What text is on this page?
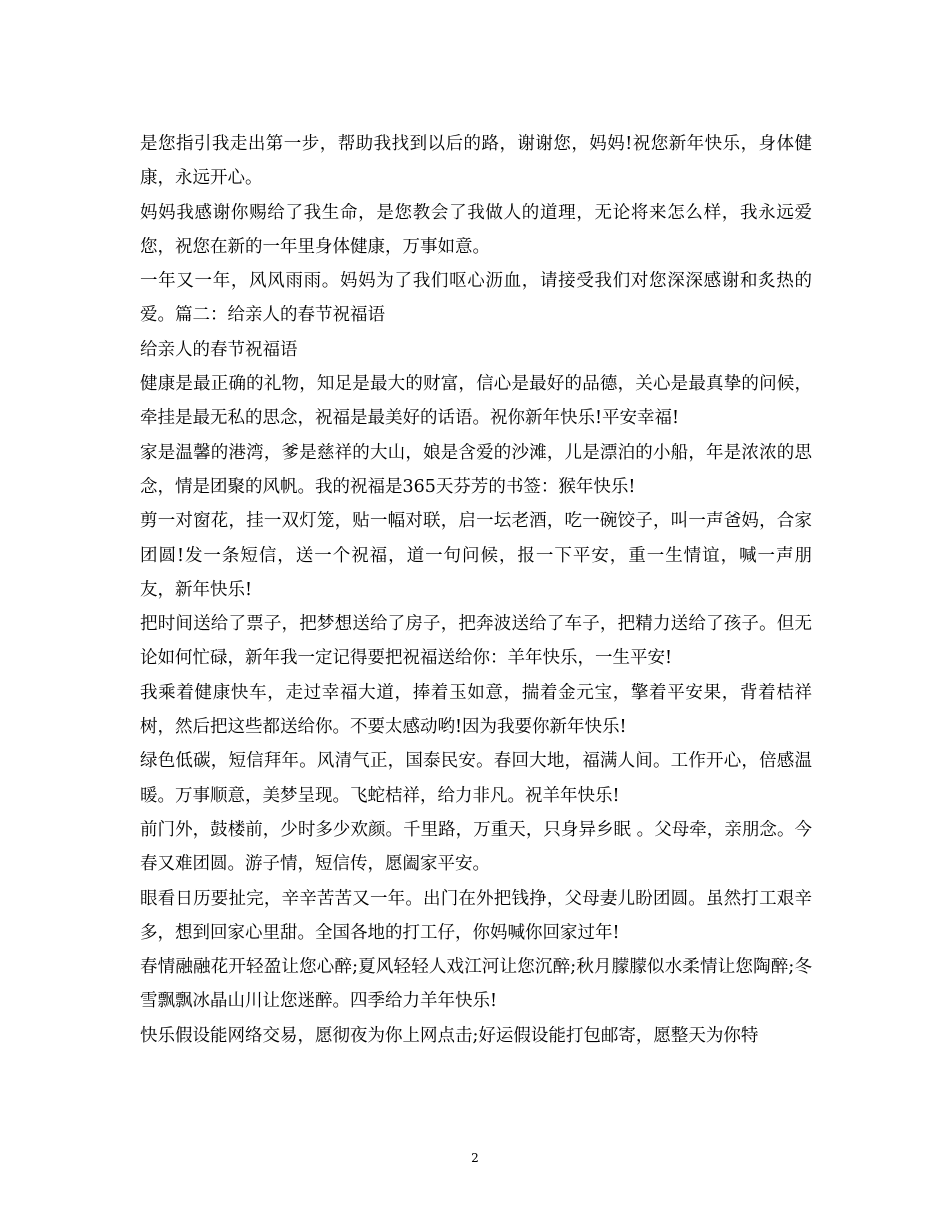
是您指引我走出第一步，帮助我找到以后的路，谢谢您，妈妈!祝您新年快乐，身体健康，永远开心。

妈妈我感谢你赐给了我生命，是您教会了我做人的道理，无论将来怎么样，我永远爱您，祝您在新的一年里身体健康，万事如意。

一年又一年，风风雨雨。妈妈为了我们呕心沥血，请接受我们对您深深感谢和炙热的爱。篇二：给亲人的春节祝福语

给亲人的春节祝福语

健康是最正确的礼物，知足是最大的财富，信心是最好的品德，关心是最真挚的问候，牵挂是最无私的思念，祝福是最美好的话语。祝你新年快乐!平安幸福!

家是温馨的港湾，爹是慈祥的大山，娘是含爱的沙滩，儿是漂泊的小船，年是浓浓的思念，情是团聚的风帆。我的祝福是365天芬芳的书签：猴年快乐!

剪一对窗花，挂一双灯笼，贴一幅对联，启一坛老酒，吃一碗饺子，叫一声爸妈，合家团圆!发一条短信，送一个祝福，道一句问候，报一下平安，重一生情谊，喊一声朋友，新年快乐!

把时间送给了票子，把梦想送给了房子，把奔波送给了车子，把精力送给了孩子。但无论如何忙碌，新年我一定记得要把祝福送给你：羊年快乐，一生平安!

我乘着健康快车，走过幸福大道，捧着玉如意，揣着金元宝，擎着平安果，背着桔祥树，然后把这些都送给你。不要太感动哟!因为我要你新年快乐!

绿色低碳，短信拜年。风清气正，国泰民安。春回大地，福满人间。工作开心，倍感温暖。万事顺意，美梦呈现。飞蛇桔祥，给力非凡。祝羊年快乐!

前门外，鼓楼前，少时多少欢颜。千里路，万重天，只身异乡眠 。父母牵，亲朋念。今春又难团圆。游子情，短信传，愿阖家平安。

眼看日历要扯完，辛辛苦苦又一年。出门在外把钱挣，父母妻儿盼团圆。虽然打工艰辛多，想到回家心里甜。全国各地的打工仔，你妈喊你回家过年!

春情融融花开轻盈让您心醉;夏风轻轻人戏江河让您沉醉;秋月朦朦似水柔情让您陶醉;冬雪飘飘冰晶山川让您迷醉。四季给力羊年快乐!

快乐假设能网络交易，愿彻夜为你上网点击;好运假设能打包邮寄，愿整天为你特

2
